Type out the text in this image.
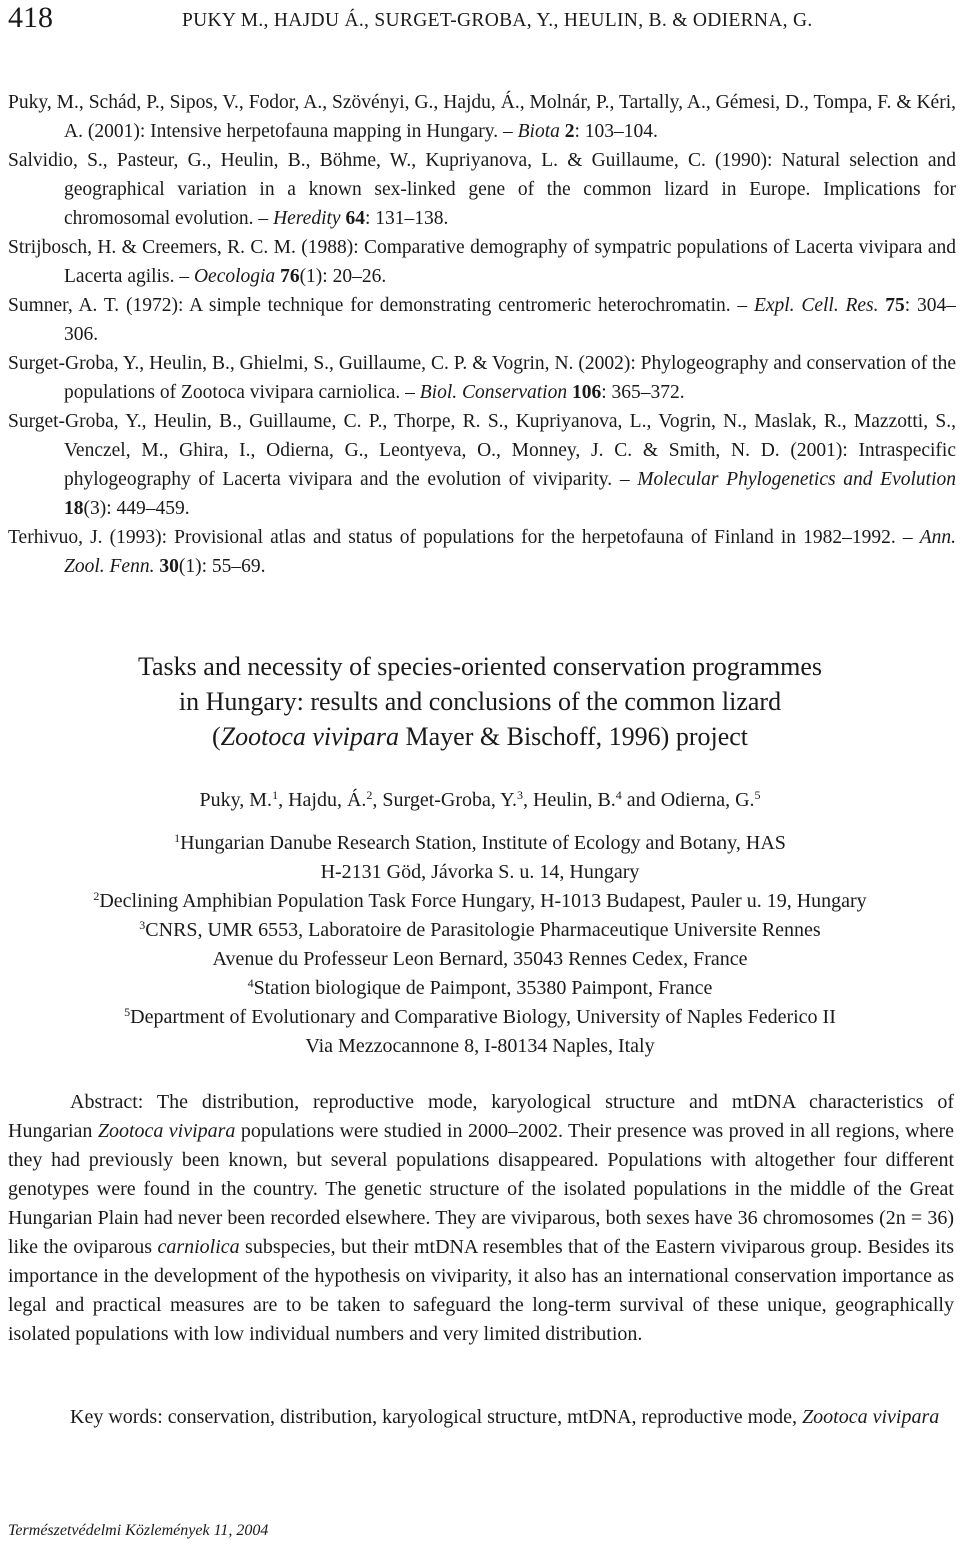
418	PUKY M., HAJDU Á., SURGET-GROBA, Y., HEULIN, B. & ODIERNA, G.
Puky, M., Schád, P., Sipos, V., Fodor, A., Szövényi, G., Hajdu, Á., Molnár, P., Tartally, A., Gémesi, D., Tompa, F. & Kéri, A. (2001): Intensive herpetofauna mapping in Hungary. – Biota 2: 103–104.
Salvidio, S., Pasteur, G., Heulin, B., Böhme, W., Kupriyanova, L. & Guillaume, C. (1990): Natural selection and geographical variation in a known sex-linked gene of the common lizard in Europe. Implications for chromosomal evolution. – Heredity 64: 131–138.
Strijbosch, H. & Creemers, R. C. M. (1988): Comparative demography of sympatric populations of Lacerta vivipara and Lacerta agilis. – Oecologia 76(1): 20–26.
Sumner, A. T. (1972): A simple technique for demonstrating centromeric heterochromatin. – Expl. Cell. Res. 75: 304–306.
Surget-Groba, Y., Heulin, B., Ghielmi, S., Guillaume, C. P. & Vogrin, N. (2002): Phylogeography and conservation of the populations of Zootoca vivipara carniolica. – Biol. Conservation 106: 365–372.
Surget-Groba, Y., Heulin, B., Guillaume, C. P., Thorpe, R. S., Kupriyanova, L., Vogrin, N., Maslak, R., Mazzotti, S., Venczel, M., Ghira, I., Odierna, G., Leontyeva, O., Monney, J. C. & Smith, N. D. (2001): Intraspecific phylogeography of Lacerta vivipara and the evolution of viviparity. – Molecular Phylogenetics and Evolution 18(3): 449–459.
Terhivuo, J. (1993): Provisional atlas and status of populations for the herpetofauna of Finland in 1982–1992. – Ann. Zool. Fenn. 30(1): 55–69.
Tasks and necessity of species-oriented conservation programmes
in Hungary: results and conclusions of the common lizard
(Zootoca vivipara Mayer & Bischoff, 1996) project
Puky, M.$^1$, Hajdu, Á.$^2$, Surget-Groba, Y.$^3$, Heulin, B.$^4$ and Odierna, G.$^5$
$^1$Hungarian Danube Research Station, Institute of Ecology and Botany, HAS
H-2131 Göd, Jávorka S. u. 14, Hungary
$^2$Declining Amphibian Population Task Force Hungary, H-1013 Budapest, Pauler u. 19, Hungary
$^3$CNRS, UMR 6553, Laboratoire de Parasitologie Pharmaceutique Universite Rennes
Avenue du Professeur Leon Bernard, 35043 Rennes Cedex, France
$^4$Station biologique de Paimpont, 35380 Paimpont, France
$^5$Department of Evolutionary and Comparative Biology, University of Naples Federico II
Via Mezzocannone 8, I-80134 Naples, Italy
Abstract: The distribution, reproductive mode, karyological structure and mtDNA characteristics of Hungarian Zootoca vivipara populations were studied in 2000–2002. Their presence was proved in all regions, where they had previously been known, but several populations disappeared. Populations with altogether four different genotypes were found in the country. The genetic structure of the isolated populations in the middle of the Great Hungarian Plain had never been recorded elsewhere. They are viviparous, both sexes have 36 chromosomes (2n = 36) like the oviparous carniolica subspecies, but their mtDNA resembles that of the Eastern viviparous group. Besides its importance in the development of the hypothesis on viviparity, it also has an international conservation importance as legal and practical measures are to be taken to safeguard the long-term survival of these unique, geographically isolated populations with low individual numbers and very limited distribution.
Key words: conservation, distribution, karyological structure, mtDNA, reproductive mode, Zootoca vivipara
Természetvédelmi Közlemények 11, 2004
